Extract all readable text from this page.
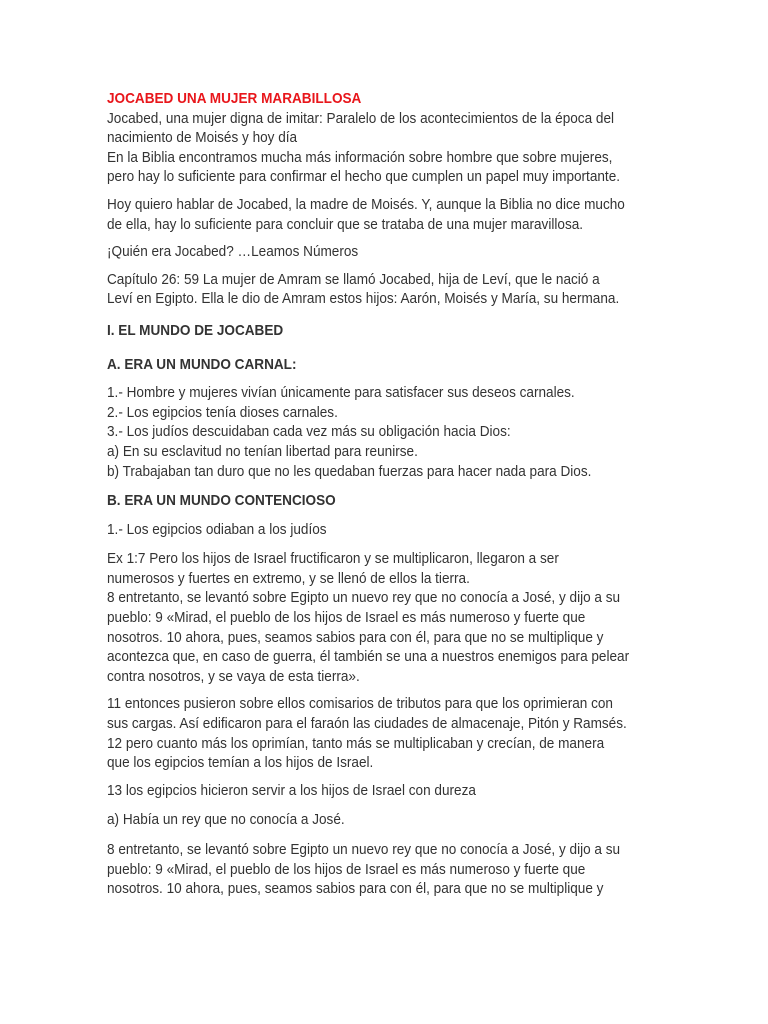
JOCABED UNA MUJER MARABILLOSA
Jocabed, una mujer digna de imitar: Paralelo de los acontecimientos de la época del
nacimiento de Moisés y hoy día
En la Biblia encontramos mucha más información sobre hombre que sobre mujeres,
pero hay lo suficiente para confirmar el hecho que cumplen un papel muy importante.

Hoy quiero hablar de Jocabed, la madre de Moisés. Y, aunque la Biblia no dice mucho
de ella, hay lo suficiente para concluir que se trataba de una mujer maravillosa.

¡Quién era Jocabed? …Leamos Números

Capítulo 26: 59 La mujer de Amram se llamó Jocabed, hija de Leví, que le nació a
Leví en Egipto. Ella le dio de Amram estos hijos: Aarón, Moisés y María, su hermana.

I. EL MUNDO DE JOCABED

A. ERA UN MUNDO CARNAL:

1.- Hombre y mujeres vivían únicamente para satisfacer sus deseos carnales.
2.- Los egipcios tenía dioses carnales.
3.- Los judíos descuidaban cada vez más su obligación hacia Dios:
a) En su esclavitud no tenían libertad para reunirse.
b) Trabajaban tan duro que no les quedaban fuerzas para hacer nada para Dios.

B. ERA UN MUNDO CONTENCIOSO

1.- Los egipcios odiaban a los judíos

Ex 1:7 Pero los hijos de Israel fructificaron y se multiplicaron, llegaron a ser
numerosos y fuertes en extremo, y se llenó de ellos la tierra.
8 entretanto, se levantó sobre Egipto un nuevo rey que no conocía a José, y dijo a su
pueblo: 9 «Mirad, el pueblo de los hijos de Israel es más numeroso y fuerte que
nosotros. 10 ahora, pues, seamos sabios para con él, para que no se multiplique y
acontezca que, en caso de guerra, él también se una a nuestros enemigos para pelear
contra nosotros, y se vaya de esta tierra».

11 entonces pusieron sobre ellos comisarios de tributos para que los oprimieran con
sus cargas. Así edificaron para el faraón las ciudades de almacenaje, Pitón y Ramsés.
12 pero cuanto más los oprimían, tanto más se multiplicaban y crecían, de manera
que los egipcios temían a los hijos de Israel.

13 los egipcios hicieron servir a los hijos de Israel con dureza

a) Había un rey que no conocía a José.

8 entretanto, se levantó sobre Egipto un nuevo rey que no conocía a José, y dijo a su
pueblo: 9 «Mirad, el pueblo de los hijos de Israel es más numeroso y fuerte que
nosotros. 10 ahora, pues, seamos sabios para con él, para que no se multiplique y
